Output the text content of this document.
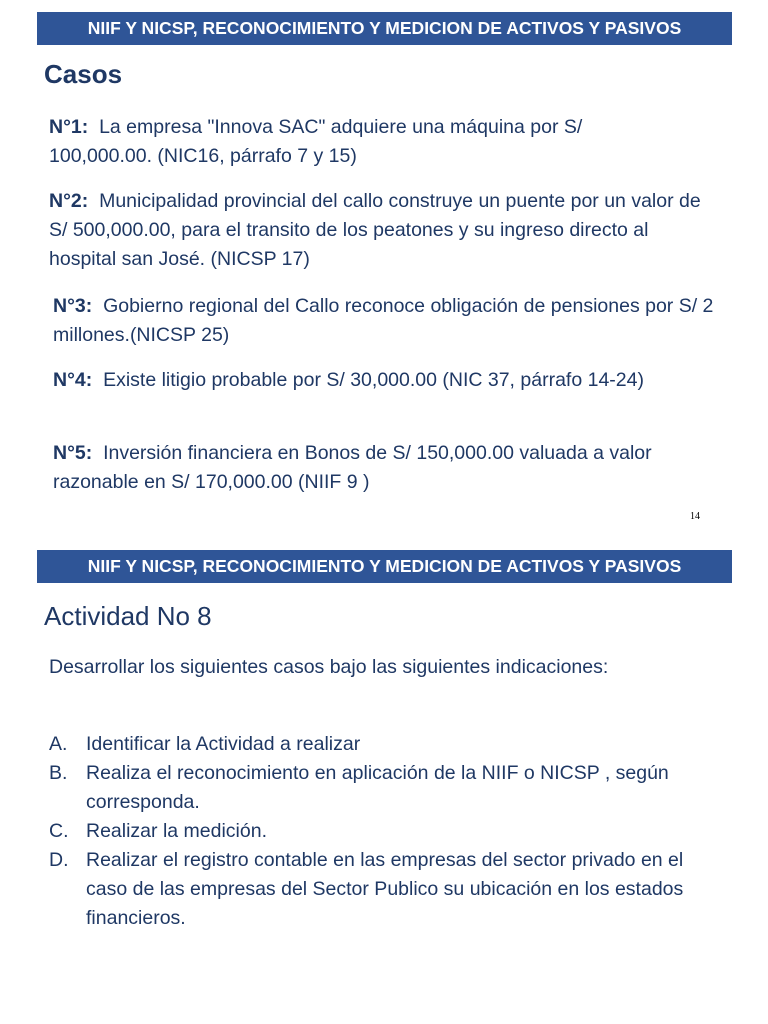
NIIF Y NICSP, RECONOCIMIENTO Y MEDICION DE ACTIVOS Y PASIVOS
Casos
N°1: La empresa "Innova SAC" adquiere una máquina por S/ 100,000.00. (NIC16, párrafo 7 y 15)
N°2: Municipalidad provincial del callo construye un puente por un valor de S/ 500,000.00, para el transito de los peatones y su ingreso directo al hospital san José. (NICSP 17)
N°3: Gobierno regional del Callo reconoce obligación de pensiones por S/ 2 millones.(NICSP 25)
N°4: Existe litigio probable por S/ 30,000.00 (NIC 37, párrafo 14-24)
N°5: Inversión financiera en Bonos de S/ 150,000.00 valuada a valor razonable en S/ 170,000.00 (NIIF 9 )
14
NIIF Y NICSP, RECONOCIMIENTO Y MEDICION DE ACTIVOS Y PASIVOS
Actividad No 8
Desarrollar los siguientes casos bajo las siguientes indicaciones:
A. Identificar la Actividad a realizar
B. Realiza el reconocimiento en aplicación de la NIIF o NICSP , según corresponda.
C. Realizar la medición.
D. Realizar el registro contable en las empresas del sector privado en el caso de las empresas del Sector Publico su ubicación en los estados financieros.
